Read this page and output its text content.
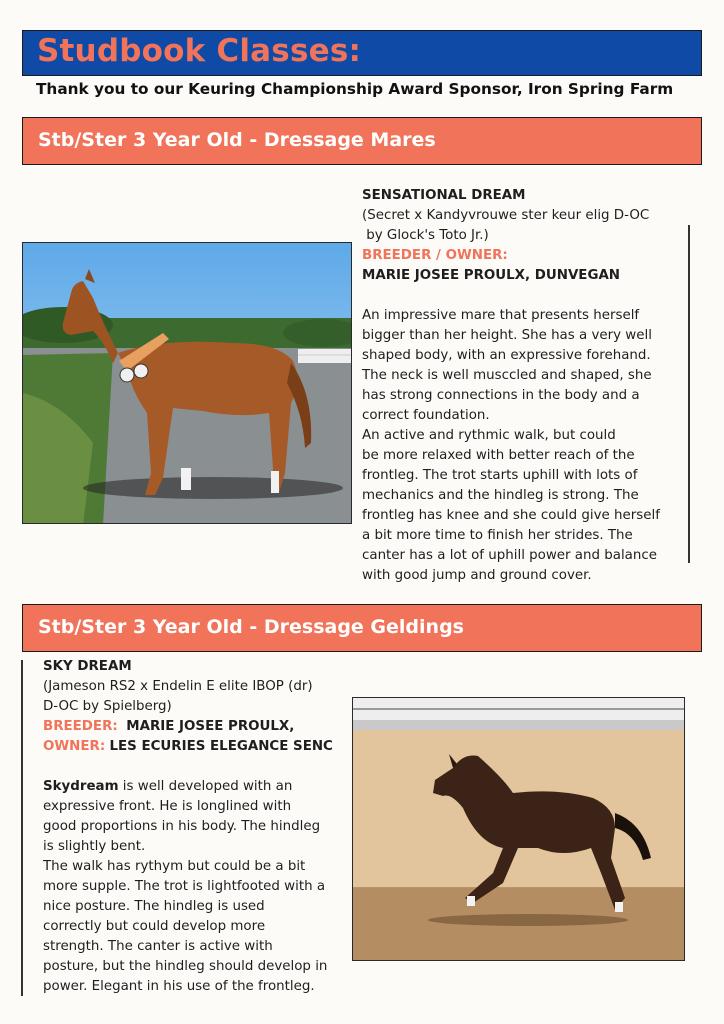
Studbook Classes:
Thank you to our Keuring Championship Award Sponsor, Iron Spring Farm
Stb/Ster 3 Year Old - Dressage Mares

SENSATIONAL DREAM

(Secret x Kandyvrouwe ster keur elig D-OC

by Glock's Toto Jr.)

BREEDER / OWNER:

MARIE JOSEE PROULX, DUNVEGAN

An impressive mare that presents herself

bigger than her height. She has a very well

shaped body, with an expressive forehand.

The neck is well musccled and shaped, she

has strong connections in the body and a

correct foundation.

An active and rythmic walk, but could

be more relaxed with better reach of the

frontleg. The trot starts uphill with lots of

mechanics and the hindleg is strong. The

frontleg has knee and she could give herself

a bit more time to finish her strides. The

canter has a lot of uphill power and balance

with good jump and ground cover.

Stb/Ster 3 Year Old - Dressage Geldings

SKY DREAM

(Jameson RS2 x Endelin E elite IBOP (dr)

D-OC by Spielberg)

BREEDER: MARIE JOSEE PROULX,

OWNER: LES ECURIES ELEGANCE SENC

Skydream is well developed with an

expressive front. He is longlined with

good proportions in his body. The hindleg

is slightly bent.

The walk has rythym but could be a bit

more supple. The trot is lightfooted with a

nice posture. The hindleg is used

correctly but could develop more

strength. The canter is active with

posture, but the hindleg should develop in

power. Elegant in his use of the frontleg.
